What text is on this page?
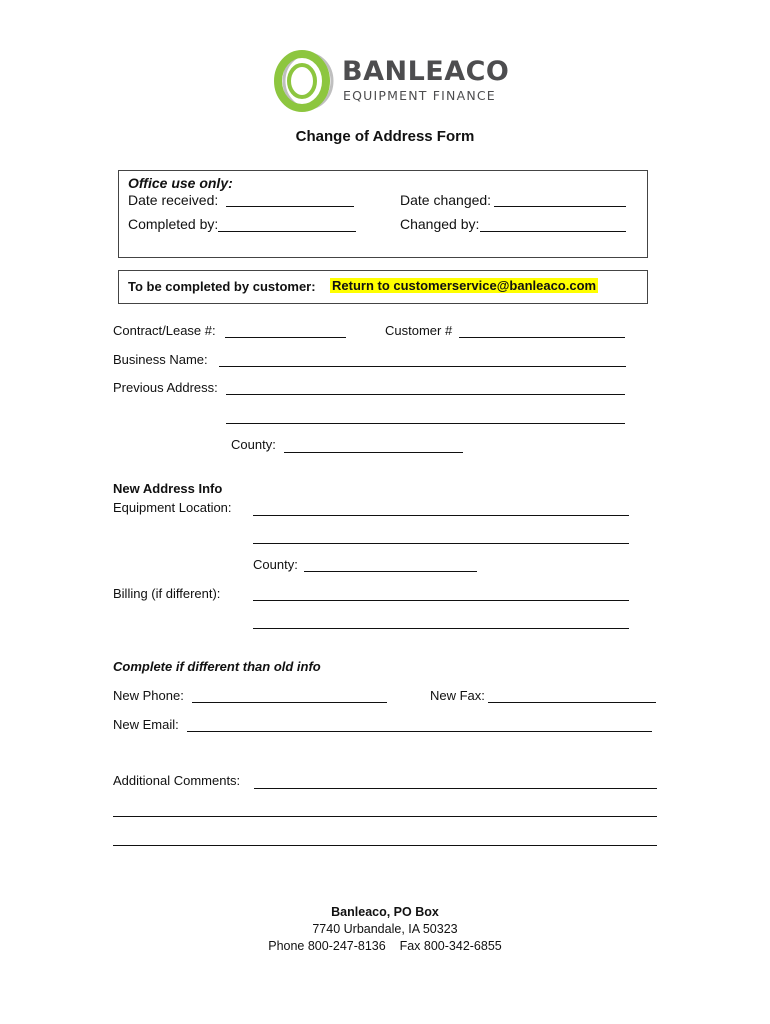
BANLEACO
EQUIPMENT FINANCE
Change of Address Form
Office use only:
Date received:	Date changed:
Completed by:	Changed by:
To be completed by customer: Return to customerservice@banleaco.com
Contract/Lease #:	Customer #
Business Name:
Previous Address:
County:
New Address Info
Equipment Location:
County:
Billing (if different):
Complete if different than old info
New Phone:	New Fax:
New Email:
Additional Comments:
Banleaco, PO Box
7740 Urbandale, IA 50323
Phone 800-247-8136    Fax 800-342-6855
